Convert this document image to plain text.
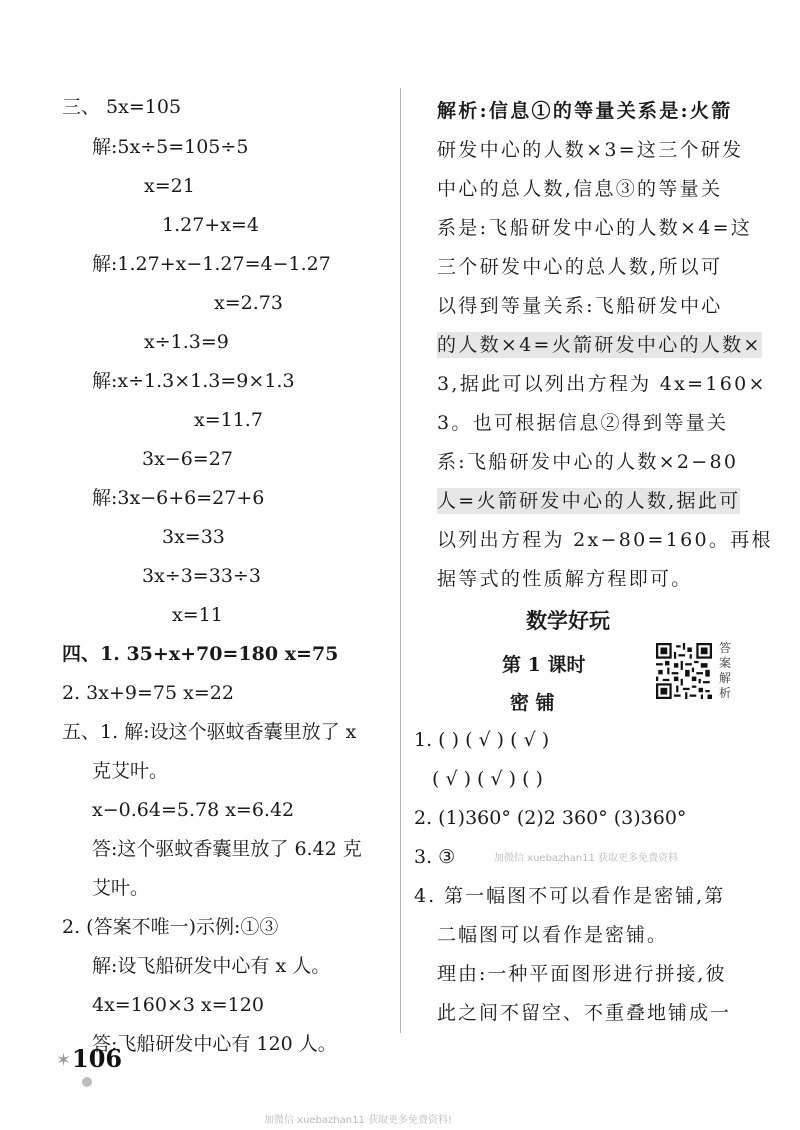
三、 5x=105
解:5x÷5=105÷5
x=21
1.27+x=4
解:1.27+x−1.27=4−1.27
x=2.73
x÷1.3=9
解:x÷1.3×1.3=9×1.3
x=11.7
3x−6=27
解:3x−6+6=27+6
3x=33
3x÷3=33÷3
x=11
四、1. 35+x+70=180 x=75
2. 3x+9=75 x=22
五、1. 解:设这个驱蚊香囊里放了 x
克艾叶。
x−0.64=5.78 x=6.42
答:这个驱蚊香囊里放了 6.42 克
艾叶。
2. (答案不唯一)示例:①③
解:设飞船研发中心有 x 人。
4x=160×3 x=120
答:飞船研发中心有 120 人。
解析:信息①的等量关系是:火箭
研发中心的人数×3=这三个研发
中心的总人数,信息③的等量关
系是:飞船研发中心的人数×4=这
三个研发中心的总人数,所以可
以得到等量关系:飞船研发中心
的人数×4=火箭研发中心的人数×
3,据此可以列出方程为 4x=160×
3。也可根据信息②得到等量关
系:飞船研发中心的人数×2−80
人=火箭研发中心的人数,据此可
以列出方程为 2x−80=160。再根
据等式的性质解方程即可。
数学好玩
第 1 课时
密 铺
答案解析
1. ( ) ( √ ) ( √ )
( √ ) ( √ ) ( )
2. (1)360° (2)2 360° (3)360°
3. ③
4. 第一幅图不可以看作是密铺,第
二幅图可以看作是密铺。
理由:一种平面图形进行拼接,彼
此之间不留空、不重叠地铺成一
加微信 xuebazhan11 获取更多免费资料
加微信 xuebazhan11 获取更多免费资料!
✶ 106
